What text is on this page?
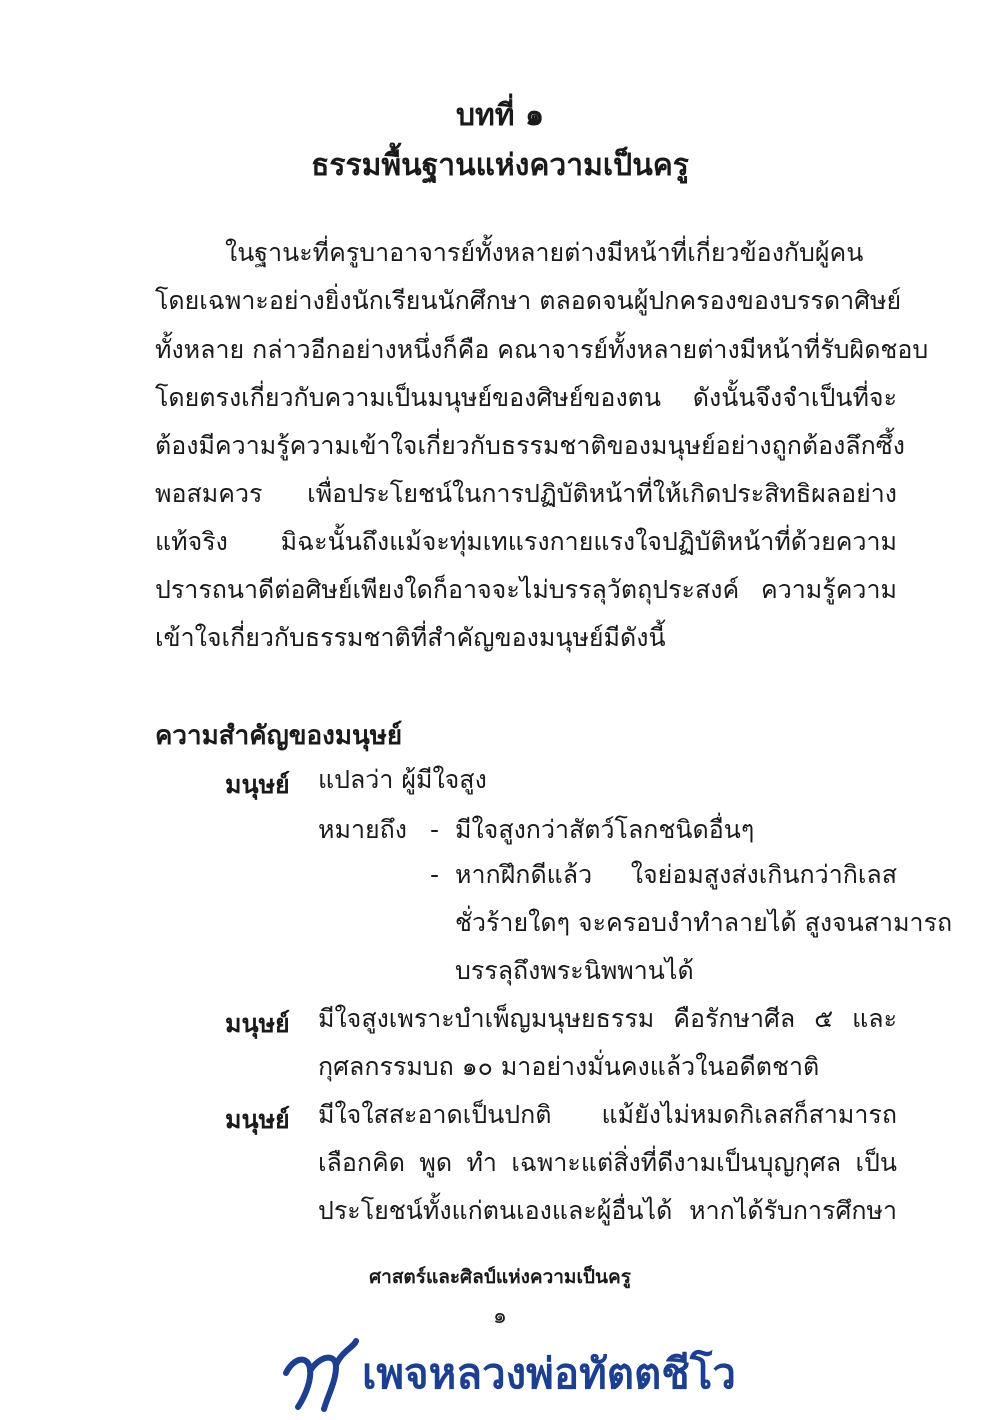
บทที่ ๑
ธรรมพื้นฐานแห่งความเป็นครู
ในฐานะที่ครูบาอาจารย์ทั้งหลายต่างมีหน้าที่เกี่ยวข้องกับผู้คน
โดยเฉพาะอย่างยิ่งนักเรียนนักศึกษา ตลอดจนผู้ปกครองของบรรดาศิษย์
ทั้งหลาย กล่าวอีกอย่างหนึ่งก็คือ คณาจารย์ทั้งหลายต่างมีหน้าที่รับผิดชอบ
โดยตรงเกี่ยวกับความเป็นมนุษย์ของศิษย์ของตน ดังนั้นจึงจำเป็นที่จะ
ต้องมีความรู้ความเข้าใจเกี่ยวกับธรรมชาติของมนุษย์อย่างถูกต้องลึกซึ้ง
พอสมควร เพื่อประโยชน์ในการปฏิบัติหน้าที่ให้เกิดประสิทธิผลอย่าง
แท้จริง มิฉะนั้นถึงแม้จะทุ่มเทแรงกายแรงใจปฏิบัติหน้าที่ด้วยความ
ปรารถนาดีต่อศิษย์เพียงใดก็อาจจะไม่บรรลุวัตถุประสงค์ ความรู้ความ
เข้าใจเกี่ยวกับธรรมชาติที่สำคัญของมนุษย์มีดังนี้
ความสำคัญของมนุษย์
มนุษย์ แปลว่า ผู้มีใจสูง
หมายถึง - มีใจสูงกว่าสัตว์โลกชนิดอื่นๆ
- หากฝึกดีแล้ว ใจย่อมสูงส่งเกินกว่ากิเลส
ชั่วร้ายใดๆ จะครอบงำทำลายได้ สูงจนสามารถ
บรรลุถึงพระนิพพานได้
มนุษย์ มีใจสูงเพราะบำเพ็ญมนุษยธรรม คือรักษาศีล ๕ และ
กุศลกรรมบถ ๑๐ มาอย่างมั่นคงแล้วในอดีตชาติ
มนุษย์ มีใจใสสะอาดเป็นปกติ แม้ยังไม่หมดกิเลสก็สามารถ
เลือกคิด พูด ทำ เฉพาะแต่สิ่งที่ดีงามเป็นบุญกุศล เป็น
ประโยชน์ทั้งแก่ตนเองและผู้อื่นได้ หากได้รับการศึกษา
ศาสตร์และศิลป์แห่งความเป็นครู
๑
เพจหลวงพ่อทัตตชีโว
